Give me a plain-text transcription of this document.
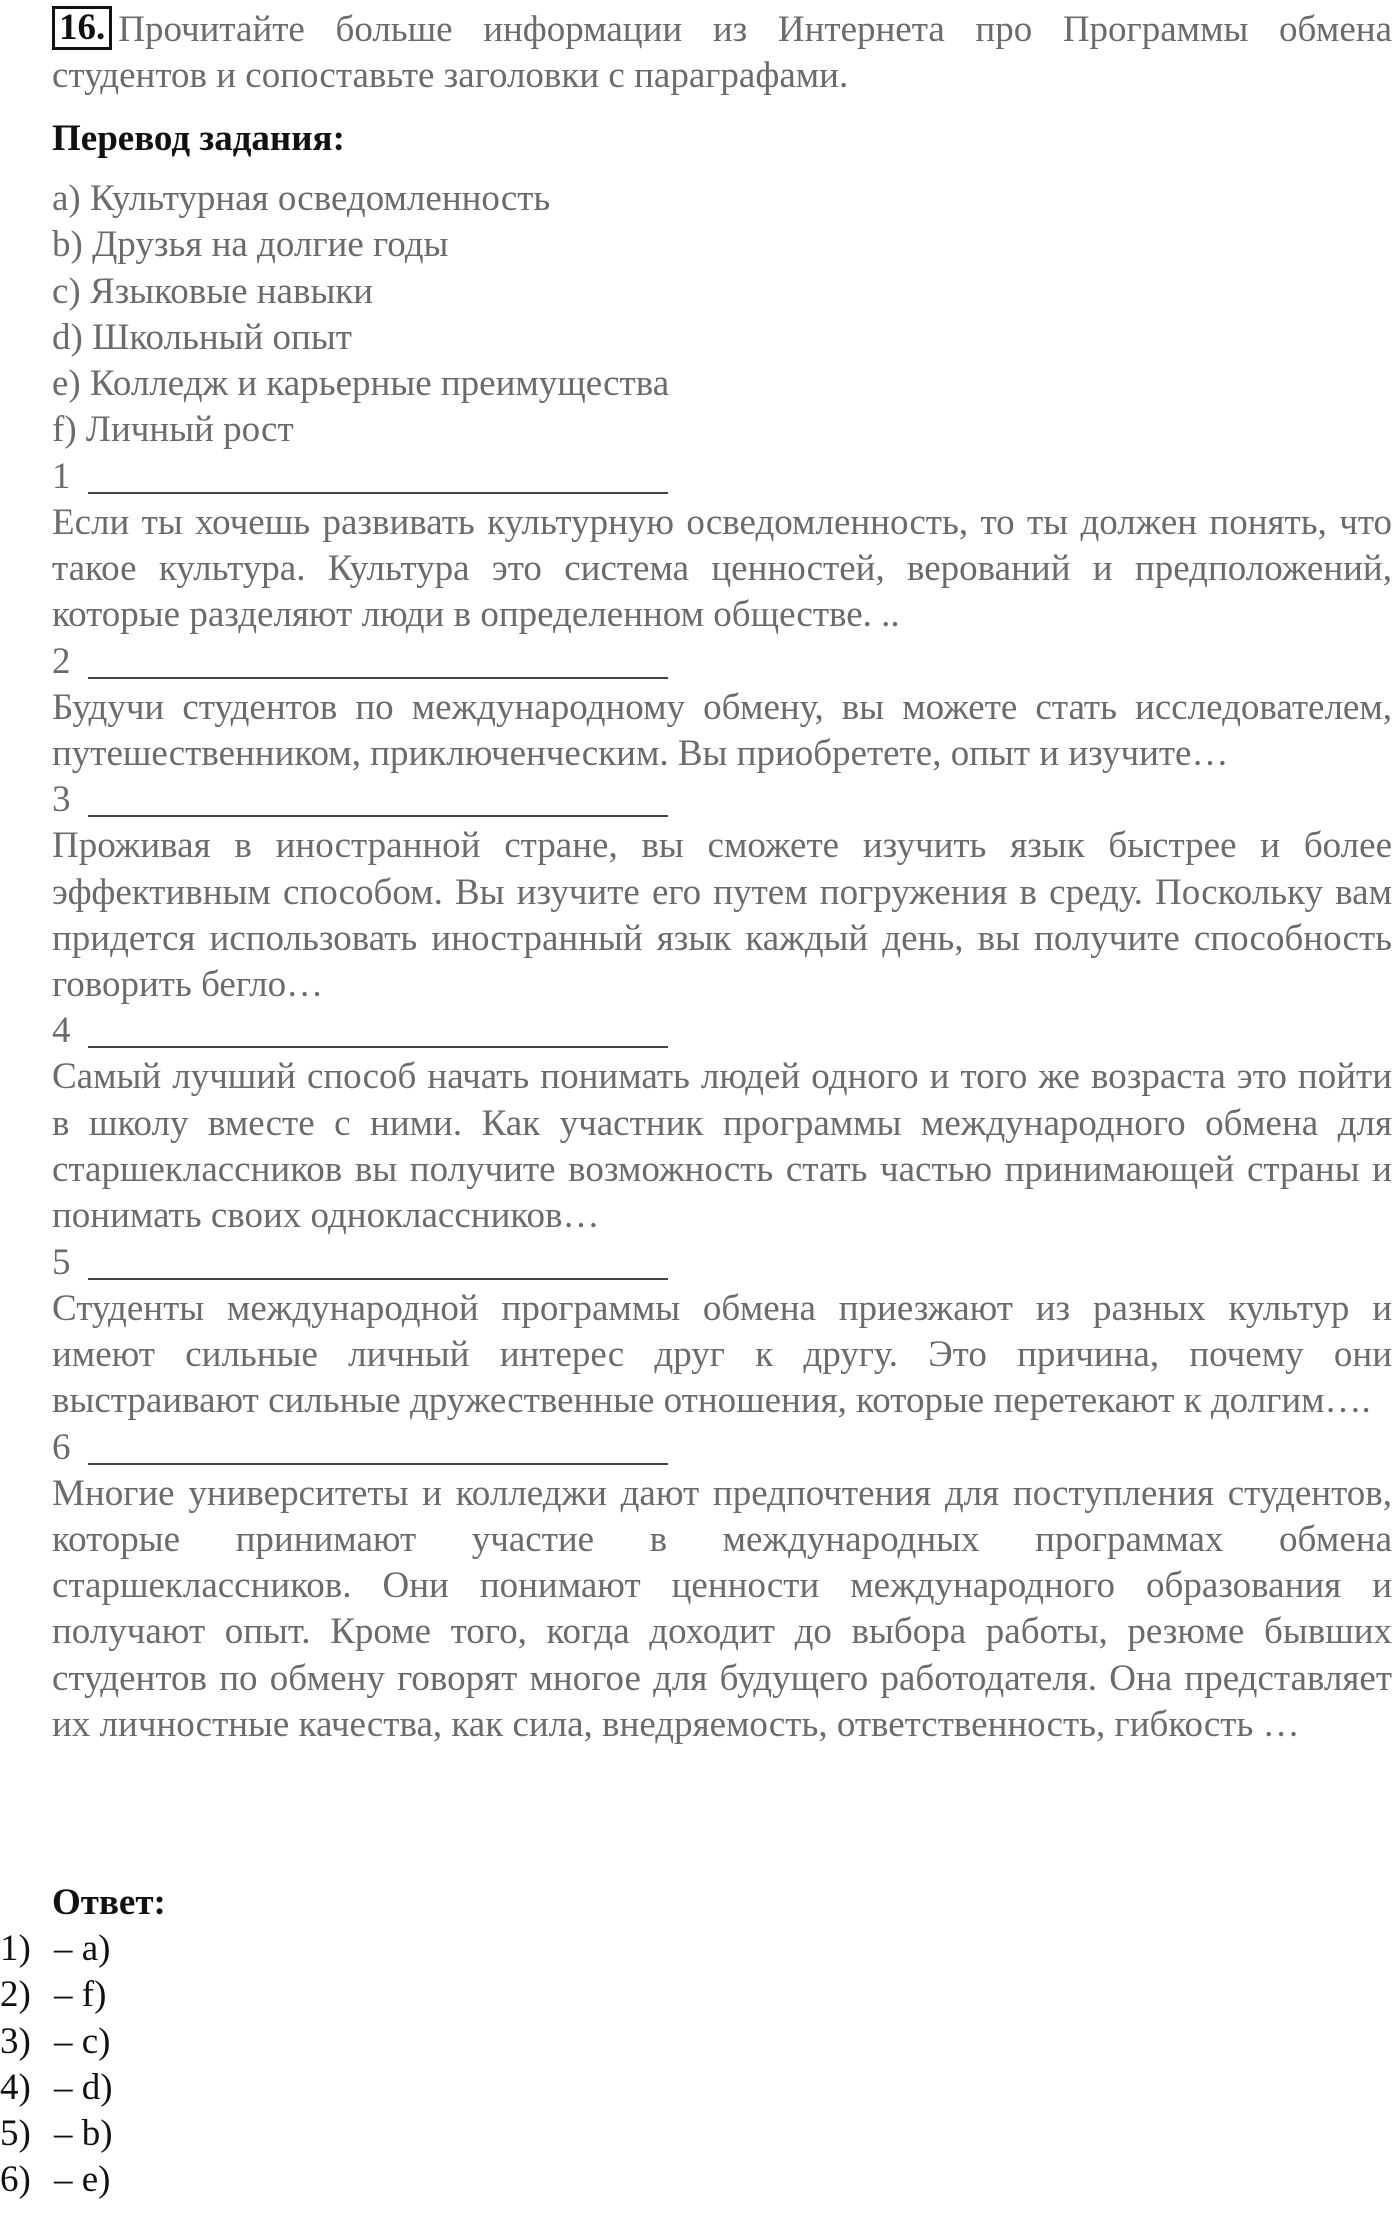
16. Прочитайте больше информации из Интернета про Программы обмена студентов и сопоставьте заголовки с параграфами.
Перевод задания:
a) Культурная осведомленность
b) Друзья на долгие годы
c) Языковые навыки
d) Школьный опыт
e) Колледж и карьерные преимущества
f) Личный рост
1
Если ты хочешь развивать культурную осведомленность, то ты должен понять, что такое культура. Культура это система ценностей, верований и предположений, которые разделяют люди в определенном обществе. ..
2
Будучи студентов по международному обмену, вы можете стать исследователем, путешественником, приключенческим. Вы приобретете, опыт и изучите…
3
Проживая в иностранной стране, вы сможете изучить язык быстрее и более эффективным способом. Вы изучите его путем погружения в среду. Поскольку вам придется использовать иностранный язык каждый день, вы получите способность говорить бегло…
4
Самый лучший способ начать понимать людей одного и того же возраста это пойти в школу вместе с ними. Как участник программы международного обмена для старшеклассников вы получите возможность стать частью принимающей страны и понимать своих одноклассников…
5
Студенты международной программы обмена приезжают из разных культур и имеют сильные личный интерес друг к другу. Это причина, почему они выстраивают сильные дружественные отношения, которые перетекают к долгим….
6
Многие университеты и колледжи дают предпочтения для поступления студентов, которые принимают участие в международных программах обмена старшеклассников. Они понимают ценности международного образования и получают опыт. Кроме того, когда доходит до выбора работы, резюме бывших студентов по обмену говорят многое для будущего работодателя. Она представляет их личностные качества, как сила, внедряемость, ответственность, гибкость …
Ответ:
1) – a)
2) – f)
3) – c)
4) – d)
5) – b)
6) – e)
